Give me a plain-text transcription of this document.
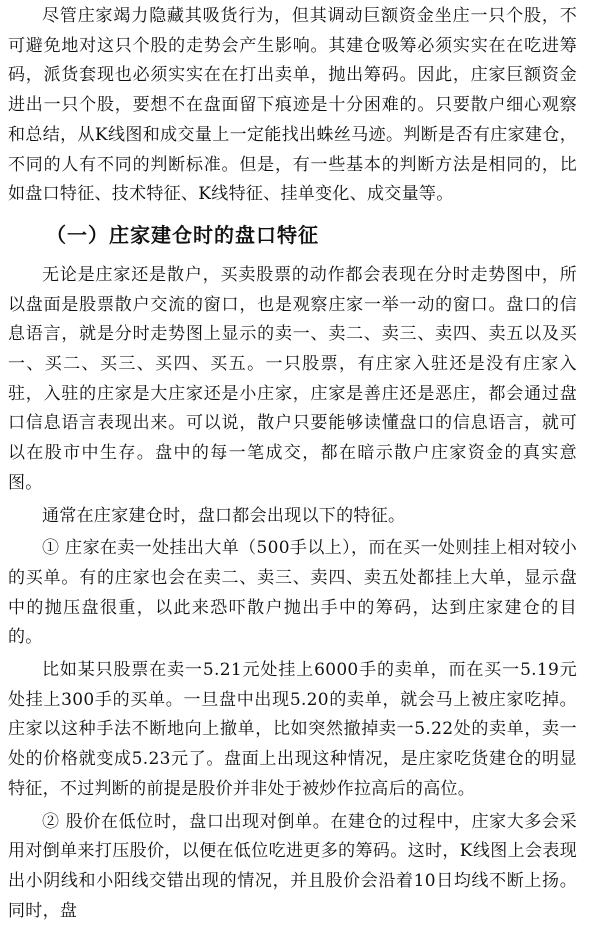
尽管庄家竭力隐藏其吸货行为，但其调动巨额资金坐庄一只个股，不可避免地对这只个股的走势会产生影响。其建仓吸筹必须实实在在吃进筹码，派货套现也必须实实在在打出卖单，抛出筹码。因此，庄家巨额资金进出一只个股，要想不在盘面留下痕迹是十分困难的。只要散户细心观察和总结，从K线图和成交量上一定能找出蛛丝马迹。判断是否有庄家建仓，不同的人有不同的判断标准。但是，有一些基本的判断方法是相同的，比如盘口特征、技术特征、K线特征、挂单变化、成交量等。

（一）庄家建仓时的盘口特征

无论是庄家还是散户，买卖股票的动作都会表现在分时走势图中，所以盘面是股票散户交流的窗口，也是观察庄家一举一动的窗口。盘口的信息语言，就是分时走势图上显示的卖一、卖二、卖三、卖四、卖五以及买一、买二、买三、买四、买五。一只股票，有庄家入驻还是没有庄家入驻，入驻的庄家是大庄家还是小庄家，庄家是善庄还是恶庄，都会通过盘口信息语言表现出来。可以说，散户只要能够读懂盘口的信息语言，就可以在股市中生存。盘中的每一笔成交，都在暗示散户庄家资金的真实意图。

通常在庄家建仓时，盘口都会出现以下的特征。

① 庄家在卖一处挂出大单（500手以上），而在买一处则挂上相对较小的买单。有的庄家也会在卖二、卖三、卖四、卖五处都挂上大单，显示盘中的抛压盘很重，以此来恐吓散户抛出手中的筹码，达到庄家建仓的目的。

比如某只股票在卖一5.21元处挂上6000手的卖单，而在买一5.19元处挂上300手的买单。一旦盘中出现5.20的卖单，就会马上被庄家吃掉。庄家以这种手法不断地向上撤单，比如突然撤掉卖一5.22处的卖单，卖一处的价格就变成5.23元了。盘面上出现这种情况，是庄家吃货建仓的明显特征，不过判断的前提是股价并非处于被炒作拉高后的高位。

② 股价在低位时，盘口出现对倒单。在建仓的过程中，庄家大多会采用对倒单来打压股价，以便在低位吃进更多的筹码。这时，K线图上会表现出小阴线和小阳线交错出现的情况，并且股价会沿着10日均线不断上扬。同时，盘
